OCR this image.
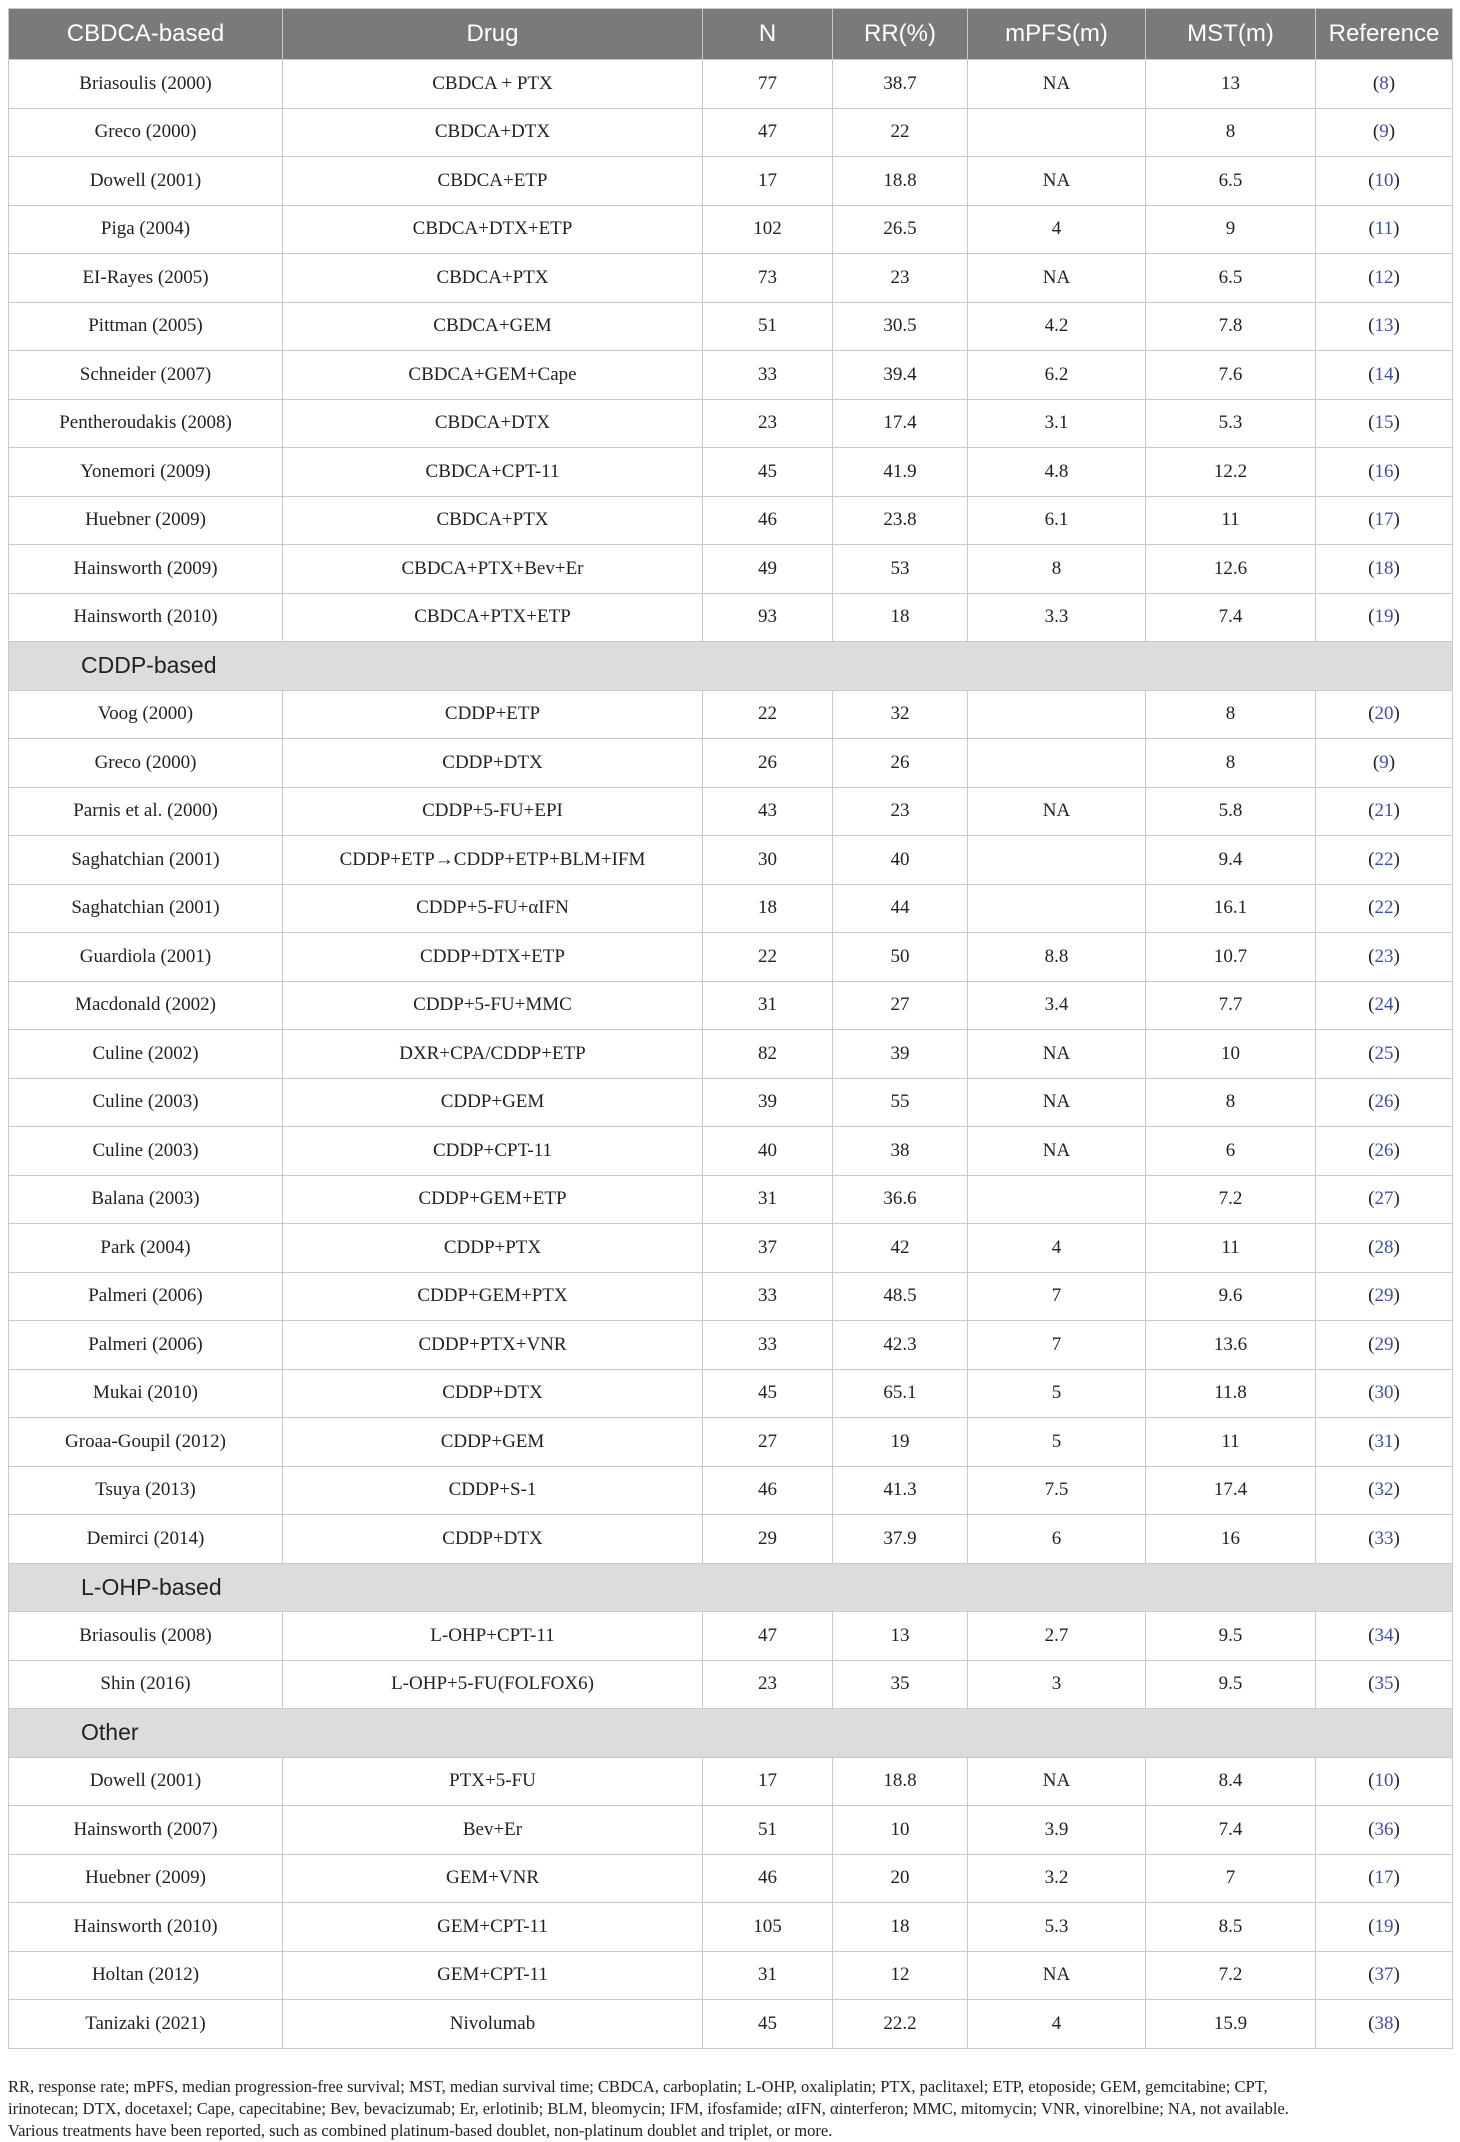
CBDCA-based	Drug	N	RR(%)	mPFS(m)	MST(m)	Reference
Briasoulis (2000)	CBDCA + PTX	77	38.7	NA	13	(8)
Greco (2000)	CBDCA+DTX	47	22		8	(9)
Dowell (2001)	CBDCA+ETP	17	18.8	NA	6.5	(10)
Piga (2004)	CBDCA+DTX+ETP	102	26.5	4	9	(11)
EI-Rayes (2005)	CBDCA+PTX	73	23	NA	6.5	(12)
Pittman (2005)	CBDCA+GEM	51	30.5	4.2	7.8	(13)
Schneider (2007)	CBDCA+GEM+Cape	33	39.4	6.2	7.6	(14)
Pentheroudakis (2008)	CBDCA+DTX	23	17.4	3.1	5.3	(15)
Yonemori (2009)	CBDCA+CPT-11	45	41.9	4.8	12.2	(16)
Huebner (2009)	CBDCA+PTX	46	23.8	6.1	11	(17)
Hainsworth (2009)	CBDCA+PTX+Bev+Er	49	53	8	12.6	(18)
Hainsworth (2010)	CBDCA+PTX+ETP	93	18	3.3	7.4	(19)
CDDP-based						
Voog (2000)	CDDP+ETP	22	32		8	(20)
Greco (2000)	CDDP+DTX	26	26		8	(9)
Parnis et al. (2000)	CDDP+5-FU+EPI	43	23	NA	5.8	(21)
Saghatchian (2001)	CDDP+ETP→CDDP+ETP+BLM+IFM	30	40		9.4	(22)
Saghatchian (2001)	CDDP+5-FU+αIFN	18	44		16.1	(22)
Guardiola (2001)	CDDP+DTX+ETP	22	50	8.8	10.7	(23)
Macdonald (2002)	CDDP+5-FU+MMC	31	27	3.4	7.7	(24)
Culine (2002)	DXR+CPA/CDDP+ETP	82	39	NA	10	(25)
Culine (2003)	CDDP+GEM	39	55	NA	8	(26)
Culine (2003)	CDDP+CPT-11	40	38	NA	6	(26)
Balana (2003)	CDDP+GEM+ETP	31	36.6		7.2	(27)
Park (2004)	CDDP+PTX	37	42	4	11	(28)
Palmeri (2006)	CDDP+GEM+PTX	33	48.5	7	9.6	(29)
Palmeri (2006)	CDDP+PTX+VNR	33	42.3	7	13.6	(29)
Mukai (2010)	CDDP+DTX	45	65.1	5	11.8	(30)
Groaa-Goupil (2012)	CDDP+GEM	27	19	5	11	(31)
Tsuya (2013)	CDDP+S-1	46	41.3	7.5	17.4	(32)
Demirci (2014)	CDDP+DTX	29	37.9	6	16	(33)
L-OHP-based						
Briasoulis (2008)	L-OHP+CPT-11	47	13	2.7	9.5	(34)
Shin (2016)	L-OHP+5-FU(FOLFOX6)	23	35	3	9.5	(35)
Other						
Dowell (2001)	PTX+5-FU	17	18.8	NA	8.4	(10)
Hainsworth (2007)	Bev+Er	51	10	3.9	7.4	(36)
Huebner (2009)	GEM+VNR	46	20	3.2	7	(17)
Hainsworth (2010)	GEM+CPT-11	105	18	5.3	8.5	(19)
Holtan (2012)	GEM+CPT-11	31	12	NA	7.2	(37)
Tanizaki (2021)	Nivolumab	45	22.2	4	15.9	(38)
RR, response rate; mPFS, median progression-free survival; MST, median survival time; CBDCA, carboplatin; L-OHP, oxaliplatin; PTX, paclitaxel; ETP, etoposide; GEM, gemcitabine; CPT,
irinotecan; DTX, docetaxel; Cape, capecitabine; Bev, bevacizumab; Er, erlotinib; BLM, bleomycin; IFM, ifosfamide; αIFN, αinterferon; MMC, mitomycin; VNR, vinorelbine; NA, not available.
Various treatments have been reported, such as combined platinum-based doublet, non-platinum doublet and triplet, or more.
